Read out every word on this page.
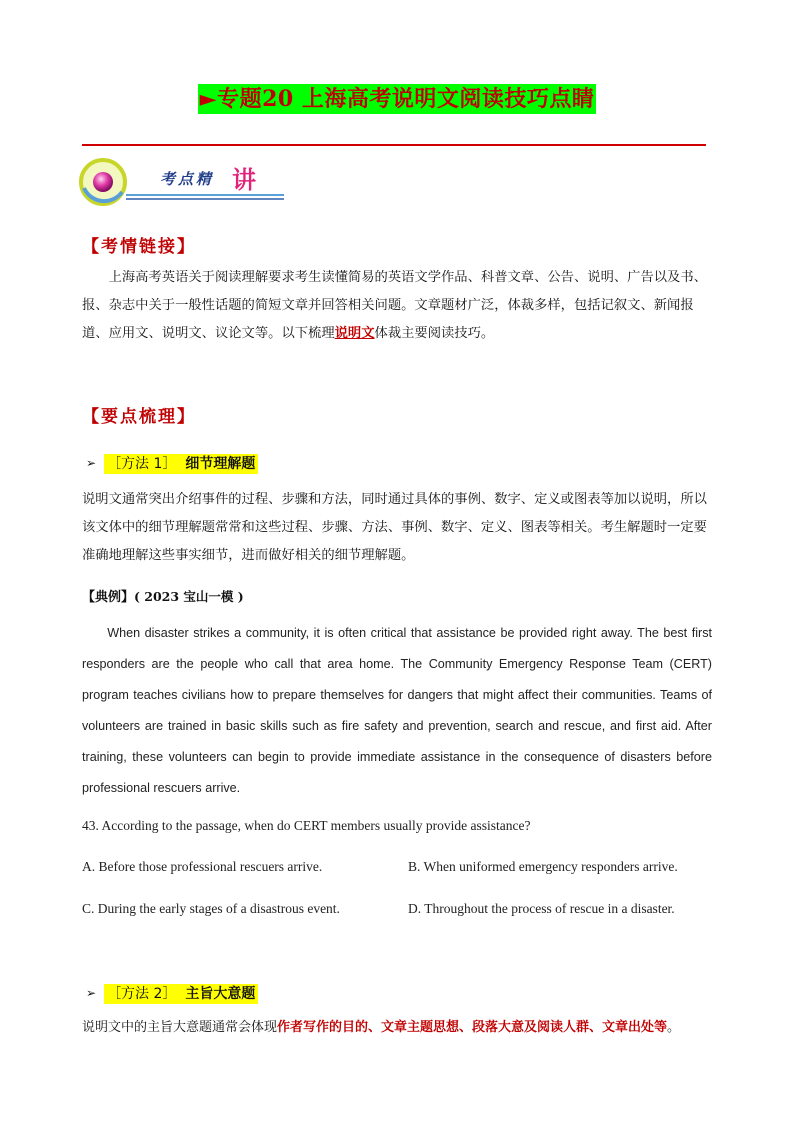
►专题20 上海高考说明文阅读技巧点睛
考点精 讲
【考情链接】
上海高考英语关于阅读理解要求考生读懂简易的英语文学作品、科普文章、公告、说明、广告以及书、报、杂志中关于一般性话题的简短文章并回答相关问题。文章题材广泛，体裁多样，包括记叙文、新闻报道、应用文、说明文、议论文等。以下梳理说明文体裁主要阅读技巧。
【要点梳理】
➢ ［方法 1］ 细节理解题
说明文通常突出介绍事件的过程、步骤和方法，同时通过具体的事例、数字、定义或图表等加以说明，所以该文体中的细节理解题常常和这些过程、步骤、方法、事例、数字、定义、图表等相关。考生解题时一定要准确地理解这些事实细节，进而做好相关的细节理解题。
【典例】( 2023 宝山一模 )
When disaster strikes a community, it is often critical that assistance be provided right away. The best first responders are the people who call that area home. The Community Emergency Response Team (CERT) program teaches civilians how to prepare themselves for dangers that might affect their communities. Teams of volunteers are trained in basic skills such as fire safety and prevention, search and rescue, and first aid. After training, these volunteers can begin to provide immediate assistance in the consequence of disasters before professional rescuers arrive.
43. According to the passage, when do CERT members usually provide assistance?
A. Before those professional rescuers arrive.	B. When uniformed emergency responders arrive.
C. During the early stages of a disastrous event.	D. Throughout the process of rescue in a disaster.
➢ ［方法 2］ 主旨大意题
说明文中的主旨大意题通常会体现作者写作的目的、文章主题思想、段落大意及阅读人群、文章出处等。
